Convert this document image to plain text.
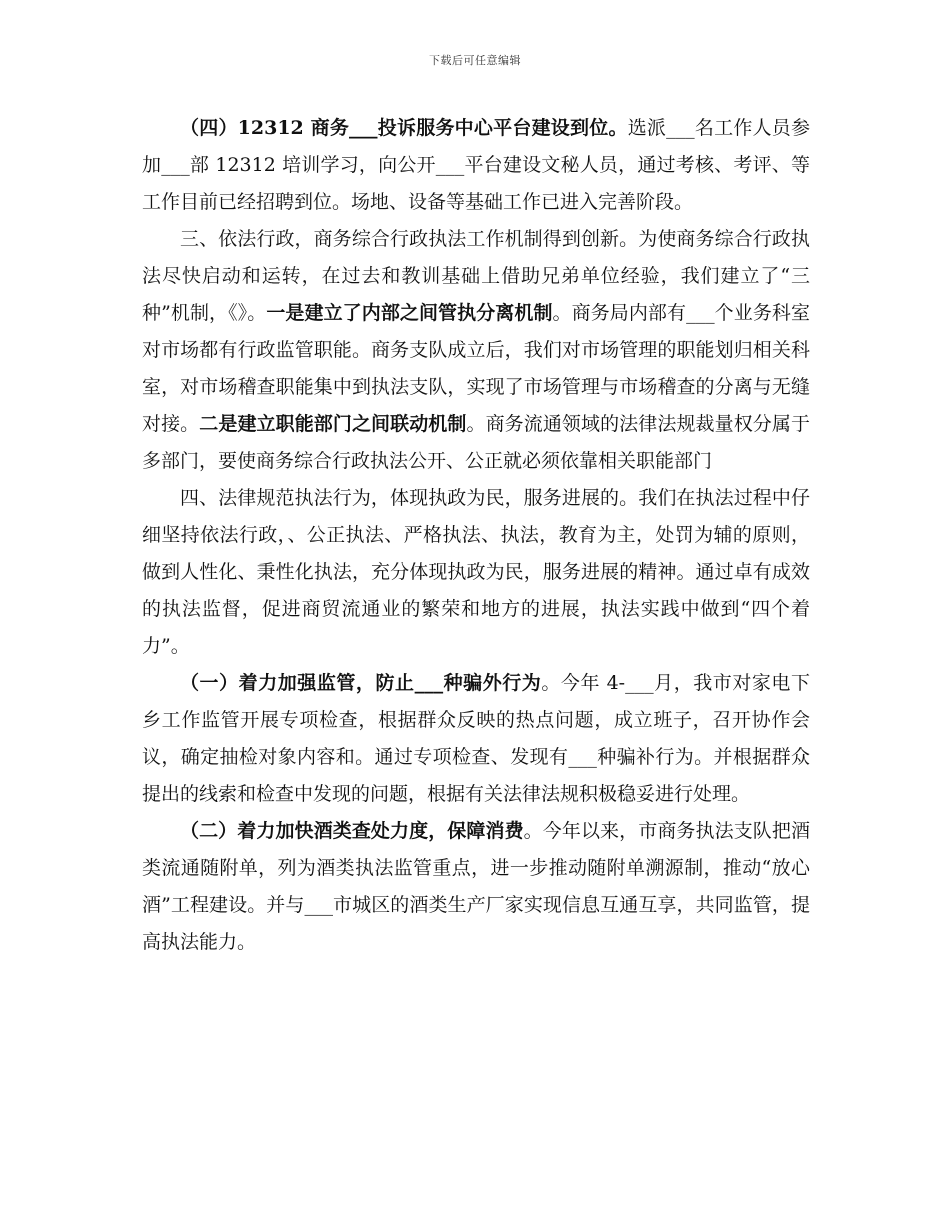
下载后可任意编辑

（四）12312 商务___投诉服务中心平台建设到位。选派___名工作人员参加___部 12312 培训学习，向公开___平台建设文秘人员，通过考核、考评、等工作目前已经招聘到位。场地、设备等基础工作已进入完善阶段。

三、依法行政，商务综合行政执法工作机制得到创新。为使商务综合行政执法尽快启动和运转，在过去和教训基础上借助兄弟单位经验，我们建立了“三种”机制，《》。一是建立了内部之间管执分离机制。商务局内部有___个业务科室对市场都有行政监管职能。商务支队成立后，我们对市场管理的职能划归相关科室，对市场稽查职能集中到执法支队，实现了市场管理与市场稽查的分离与无缝对接。二是建立职能部门之间联动机制。商务流通领域的法律法规裁量权分属于多部门，要使商务综合行政执法公开、公正就必须依靠相关职能部门

四、法律规范执法行为，体现执政为民，服务进展的。我们在执法过程中仔细坚持依法行政，、公正执法、严格执法、执法，教育为主，处罚为辅的原则，做到人性化、秉性化执法，充分体现执政为民，服务进展的精神。通过卓有成效的执法监督，促进商贸流通业的繁荣和地方的进展，执法实践中做到“四个着力”。

（一）着力加强监管，防止___种骗外行为。今年 4-___月，我市对家电下乡工作监管开展专项检查，根据群众反映的热点问题，成立班子，召开协作会议，确定抽检对象内容和。通过专项检查、发现有___种骗补行为。并根据群众提出的线索和检查中发现的问题，根据有关法律法规积极稳妥进行处理。

（二）着力加快酒类查处力度，保障消费。今年以来，市商务执法支队把酒类流通随附单，列为酒类执法监管重点，进一步推动随附单溯源制，推动“放心酒”工程建设。并与___市城区的酒类生产厂家实现信息互通互享，共同监管，提高执法能力。
